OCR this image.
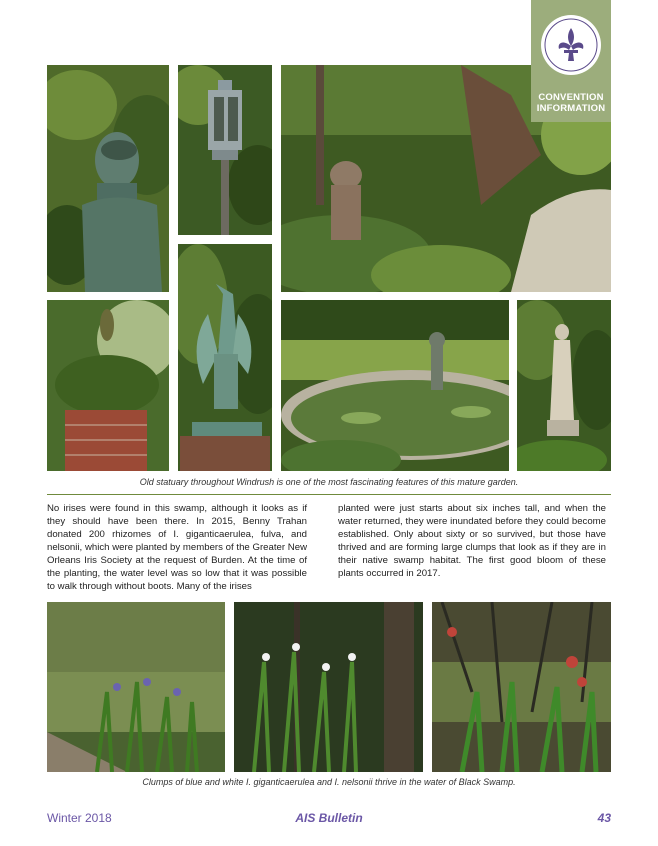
Old statuary throughout Windrush is one of the most fascinating features of this mature garden.
CONVENTION
INFORMATION
No irises were found in this swamp, although it looks as if they should have been there. In 2015, Benny Trahan donated 200 rhizomes of I. giganticaerulea, fulva, and nelsonii, which were planted by members of the Greater New Orleans Iris Society at the request of Burden. At the time of the planting, the water level was so low that it was possible to walk through without boots. Many of the irises
planted were just starts about six inches tall, and when the water returned, they were inundated before they could become established. Only about sixty or so survived, but those have thrived and are forming large clumps that look as if they are in their native swamp habitat. The first good bloom of these plants occurred in 2017.
Clumps of blue and white I. giganticaerulea and I. nelsonii thrive in the water of Black Swamp.
Winter 2018	AIS Bulletin	43
